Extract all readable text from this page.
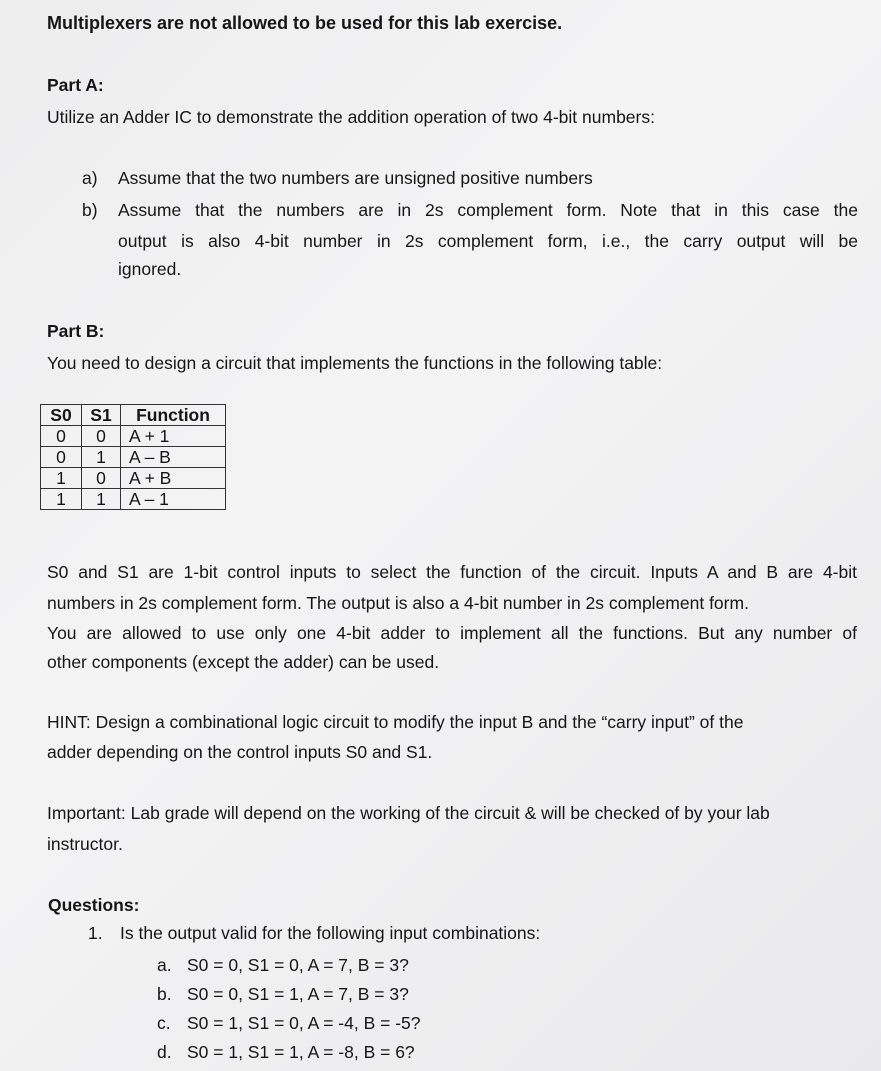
Multiplexers are not allowed to be used for this lab exercise.
Part A:
Utilize an Adder IC to demonstrate the addition operation of two 4-bit numbers:
a) Assume that the two numbers are unsigned positive numbers
b) Assume that the numbers are in 2s complement form. Note that in this case the
output is also 4-bit number in 2s complement form, i.e., the carry output will be
ignored.
Part B:
You need to design a circuit that implements the functions in the following table:
S0	S1	Function
0	0	A + 1
0	1	A – B
1	0	A + B
1	1	A – 1
S0 and S1 are 1-bit control inputs to select the function of the circuit. Inputs A and B are 4-bit
numbers in 2s complement form. The output is also a 4-bit number in 2s complement form.
You are allowed to use only one 4-bit adder to implement all the functions. But any number of
other components (except the adder) can be used.
HINT: Design a combinational logic circuit to modify the input B and the “carry input” of the
adder depending on the control inputs S0 and S1.
Important: Lab grade will depend on the working of the circuit & will be checked of by your lab
instructor.
Questions:
1. Is the output valid for the following input combinations:
a. S0 = 0, S1 = 0, A = 7, B = 3?
b. S0 = 0, S1 = 1, A = 7, B = 3?
c. S0 = 1, S1 = 0, A = -4, B = -5?
d. S0 = 1, S1 = 1, A = -8, B = 6?
